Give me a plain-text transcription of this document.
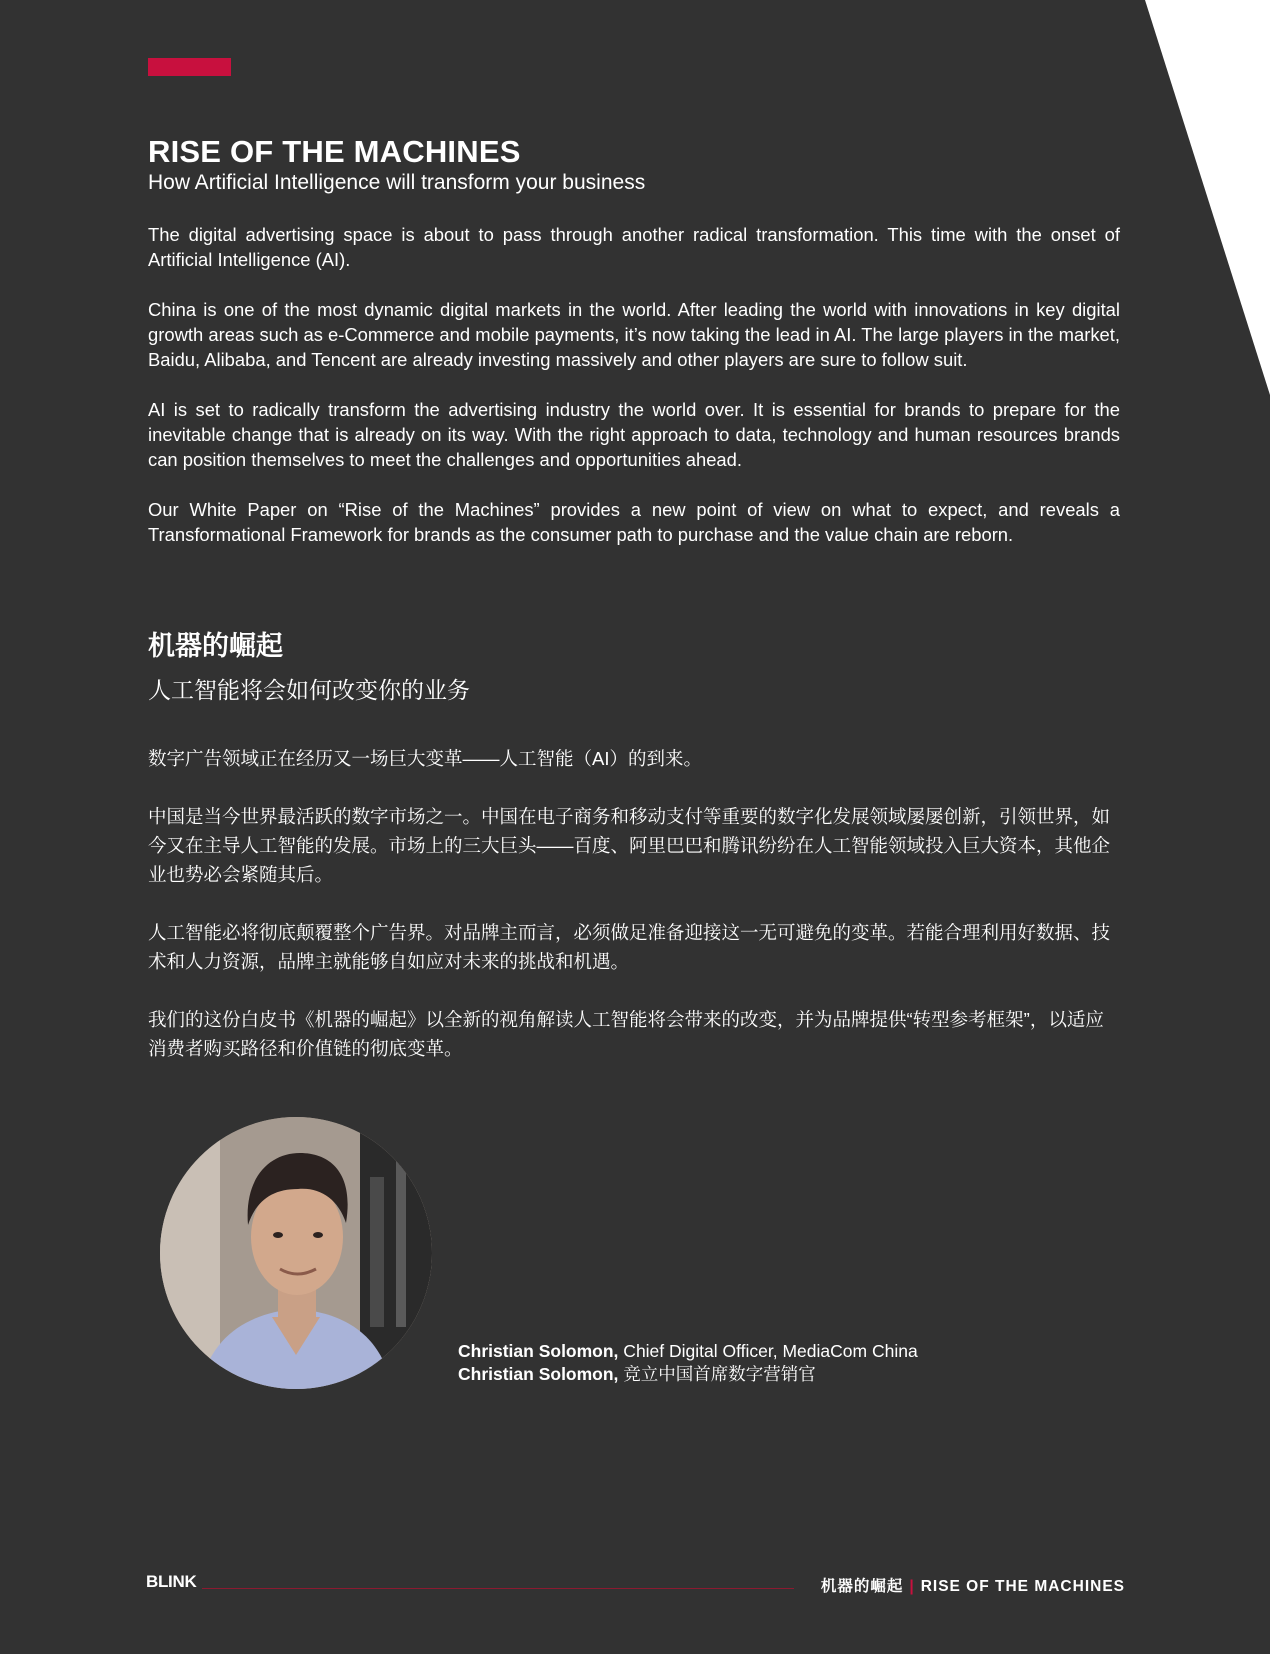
RISE OF THE MACHINES
How Artificial Intelligence will transform your business

The digital advertising space is about to pass through another radical transformation. This time with the onset of Artificial Intelligence (AI).

China is one of the most dynamic digital markets in the world. After leading the world with innovations in key digital growth areas such as e-Commerce and mobile payments, it’s now taking the lead in AI. The large players in the market, Baidu, Alibaba, and Tencent are already investing massively and other players are sure to follow suit.

AI is set to radically transform the advertising industry the world over. It is essential for brands to prepare for the inevitable change that is already on its way. With the right approach to data, technology and human resources brands can position themselves to meet the challenges and opportunities ahead.

Our White Paper on “Rise of the Machines” provides a new point of view on what to expect, and reveals a Transformational Framework for brands as the consumer path to purchase and the value chain are reborn.

机器的崛起
人工智能将会如何改变你的业务

数字广告领域正在经历又一场巨大变革——人工智能（AI）的到来。

中国是当今世界最活跃的数字市场之一。中国在电子商务和移动支付等重要的数字化发展领域屡屡创新，引领世界，如今又在主导人工智能的发展。市场上的三大巨头——百度、阿里巴巴和腾讯纷纷在人工智能领域投入巨大资本，其他企业也势必会紧随其后。

人工智能必将彻底颠覆整个广告界。对品牌主而言，必须做足准备迎接这一无可避免的变革。若能合理利用好数据、技术和人力资源，品牌主就能够自如应对未来的挑战和机遇。

我们的这份白皮书《机器的崛起》以全新的视角解读人工智能将会带来的改变，并为品牌提供“转型参考框架”，以适应消费者购买路径和价值链的彻底变革。

Christian Solomon, Chief Digital Officer, MediaCom China
Christian Solomon, 竞立中国首席数字营销官
BLINK	机器的崛起 | RISE OF THE MACHINES
